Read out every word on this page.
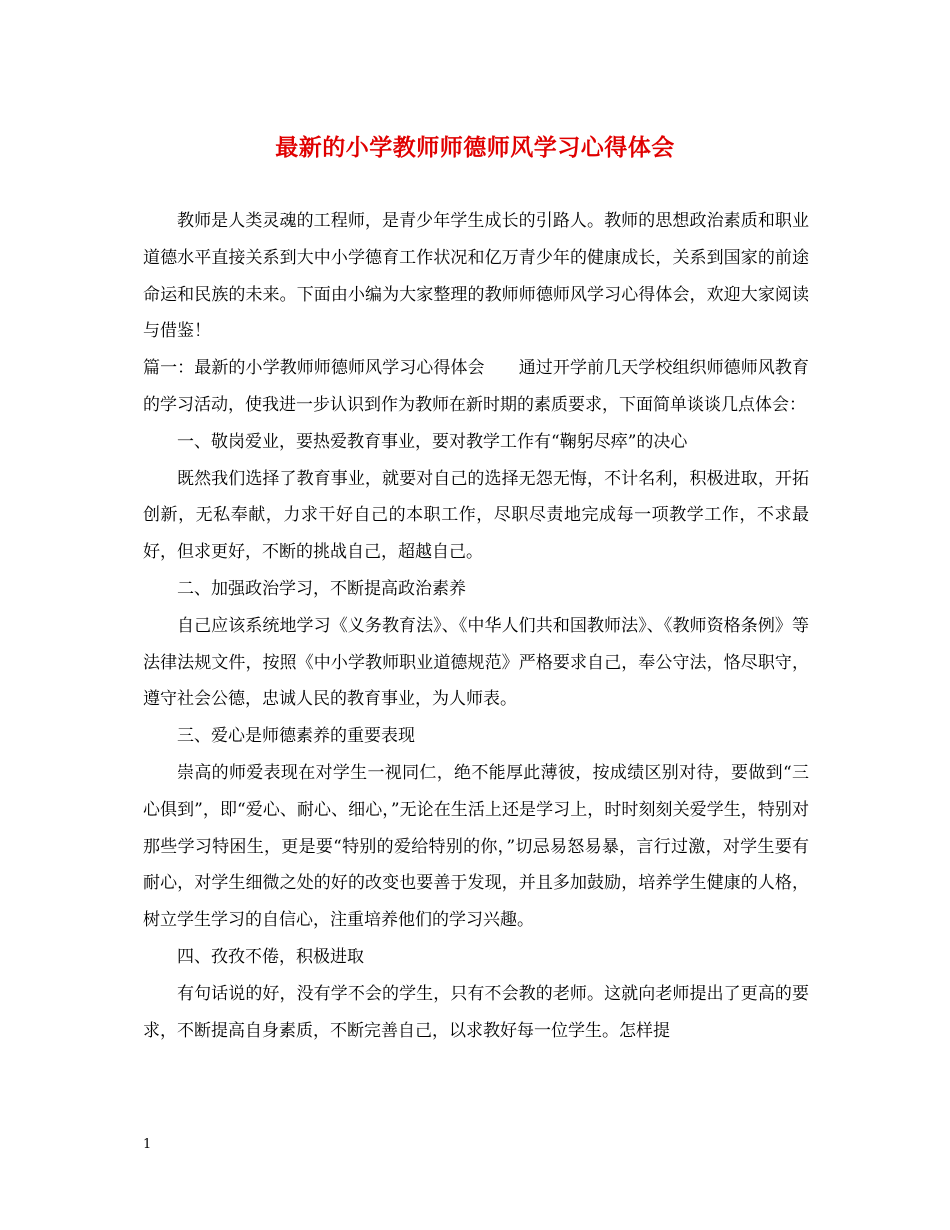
最新的小学教师师德师风学习心得体会

教师是人类灵魂的工程师，是青少年学生成长的引路人。教师的思想政治素质和职业道德水平直接关系到大中小学德育工作状况和亿万青少年的健康成长，关系到国家的前途命运和民族的未来。下面由小编为大家整理的教师师德师风学习心得体会，欢迎大家阅读与借鉴！

篇一：最新的小学教师师德师风学习心得体会 通过开学前几天学校组织师德师风教育的学习活动，使我进一步认识到作为教师在新时期的素质要求，下面简单谈谈几点体会：

一、敬岗爱业，要热爱教育事业，要对教学工作有“鞠躬尽瘁”的决心

既然我们选择了教育事业，就要对自己的选择无怨无悔，不计名利，积极进取，开拓创新，无私奉献，力求干好自己的本职工作，尽职尽责地完成每一项教学工作，不求最好，但求更好，不断的挑战自己，超越自己。

二、加强政治学习，不断提高政治素养

自己应该系统地学习《义务教育法》、《中华人们共和国教师法》、《教师资格条例》等法律法规文件，按照《中小学教师职业道德规范》严格要求自己，奉公守法，恪尽职守，遵守社会公德，忠诚人民的教育事业，为人师表。

三、爱心是师德素养的重要表现

崇高的师爱表现在对学生一视同仁，绝不能厚此薄彼，按成绩区别对待，要做到“三心俱到”，即“爱心、耐心、细心，”无论在生活上还是学习上，时时刻刻关爱学生，特别对那些学习特困生，更是要“特别的爱给特别的你，”切忌易怒易暴，言行过激，对学生要有耐心，对学生细微之处的好的改变也要善于发现，并且多加鼓励，培养学生健康的人格，树立学生学习的自信心，注重培养他们的学习兴趣。

四、孜孜不倦，积极进取

有句话说的好，没有学不会的学生，只有不会教的老师。这就向老师提出了更高的要求，不断提高自身素质，不断完善自己，以求教好每一位学生。怎样提

1
